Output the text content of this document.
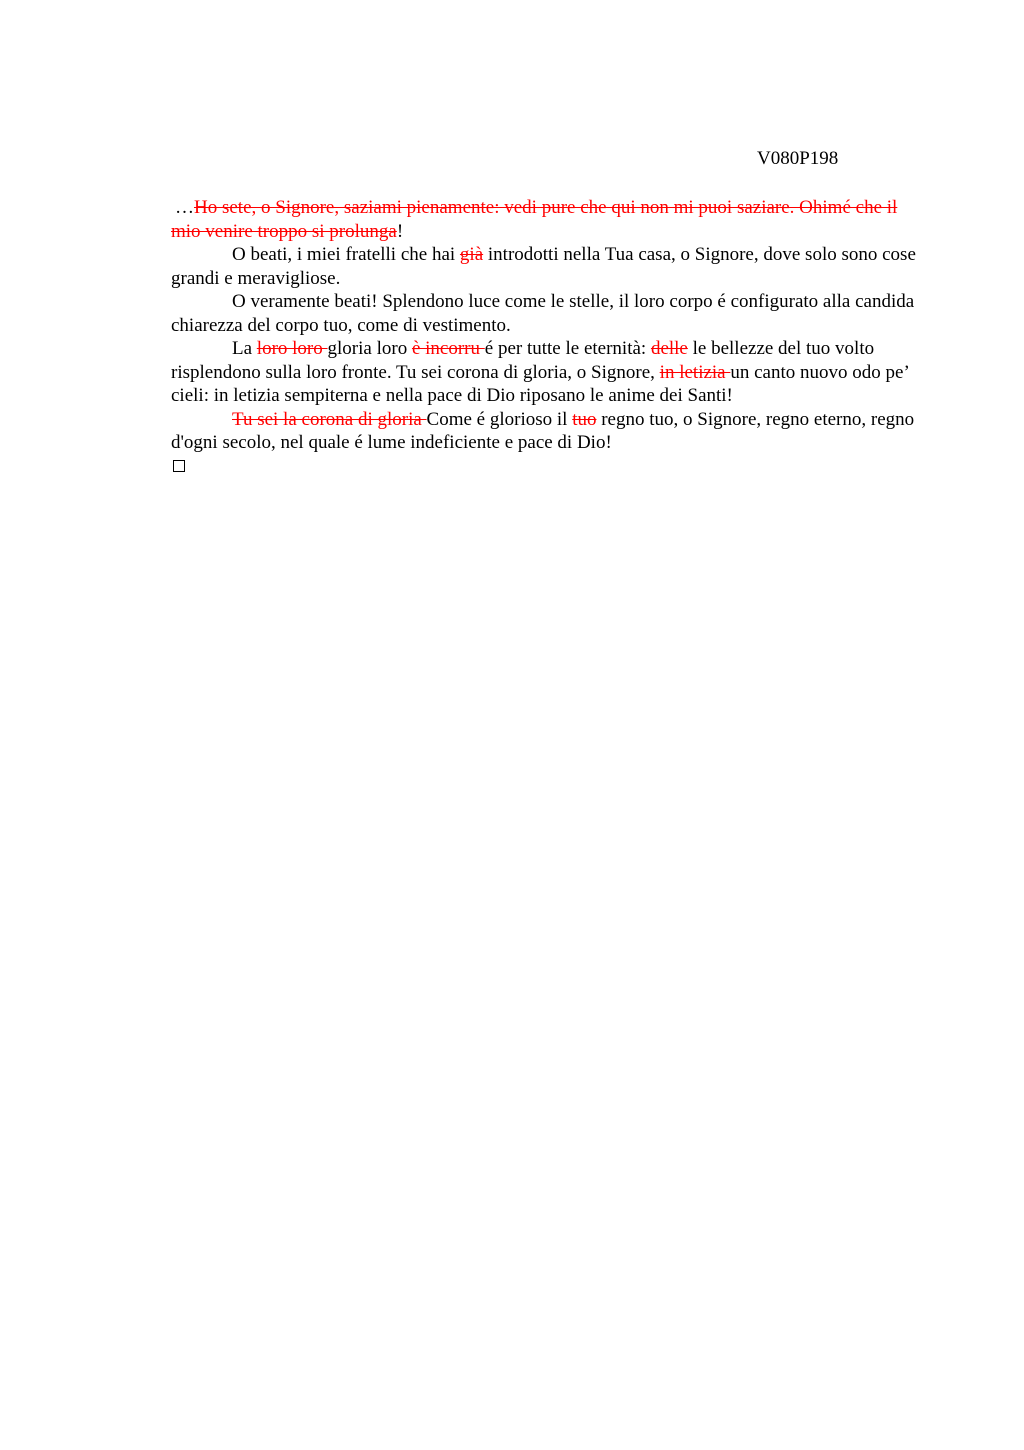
V080P198

…Ho sete, o Signore, saziami pienamente: vedi pure che qui non mi puoi saziare. Ohimé che il mio venire troppo si prolunga!

O beati, i miei fratelli che hai già introdotti nella Tua casa, o Signore, dove solo sono cose grandi e meravigliose.

O veramente beati! Splendono luce come le stelle, il loro corpo é configurato alla candida chiarezza del corpo tuo, come di vestimento.

La loro loro gloria loro è incorru é per tutte le eternità: delle le bellezze del tuo volto risplendono sulla loro fronte. Tu sei corona di gloria, o Signore, in letizia un canto nuovo odo pe’ cieli: in letizia sempiterna e nella pace di Dio riposano le anime dei Santi!

Tu sei la corona di gloria Come é glorioso il tuo regno tuo, o Signore, regno eterno, regno d'ogni secolo, nel quale é lume indeficiente e pace di Dio!
